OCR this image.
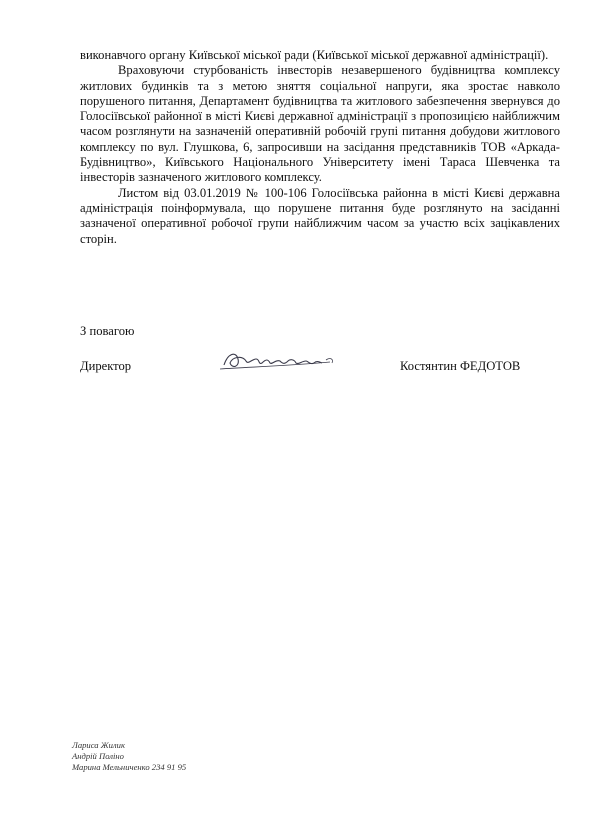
виконавчого органу Київської міської ради (Київської міської державної адміністрації).

Враховуючи стурбованість інвесторів незавершеного будівництва комплексу житлових будинків та з метою зняття соціальної напруги, яка зростає навколо порушеного питання, Департамент будівництва та житлового забезпечення звернувся до Голосіївської районної в місті Києві державної адміністрації з пропозицією найближчим часом розглянути на зазначеній оперативній робочій групі питання добудови житлового комплексу по вул. Глушкова, 6, запросивши на засідання представників ТОВ «Аркада-Будівництво», Київського Національного Університету імені Тараса Шевченка та інвесторів зазначеного житлового комплексу.

Листом від 03.01.2019 № 100-106 Голосіївська районна в місті Києві державна адміністрація поінформувала, що порушене питання буде розглянуто на засіданні зазначеної оперативної робочої групи найближчим часом за участю всіх зацікавлених сторін.

З повагою
Директор	Костянтин ФЕДОТОВ
Лариса Жилик
Андрій Поліно
Марина Мельниченко 234 91 95
